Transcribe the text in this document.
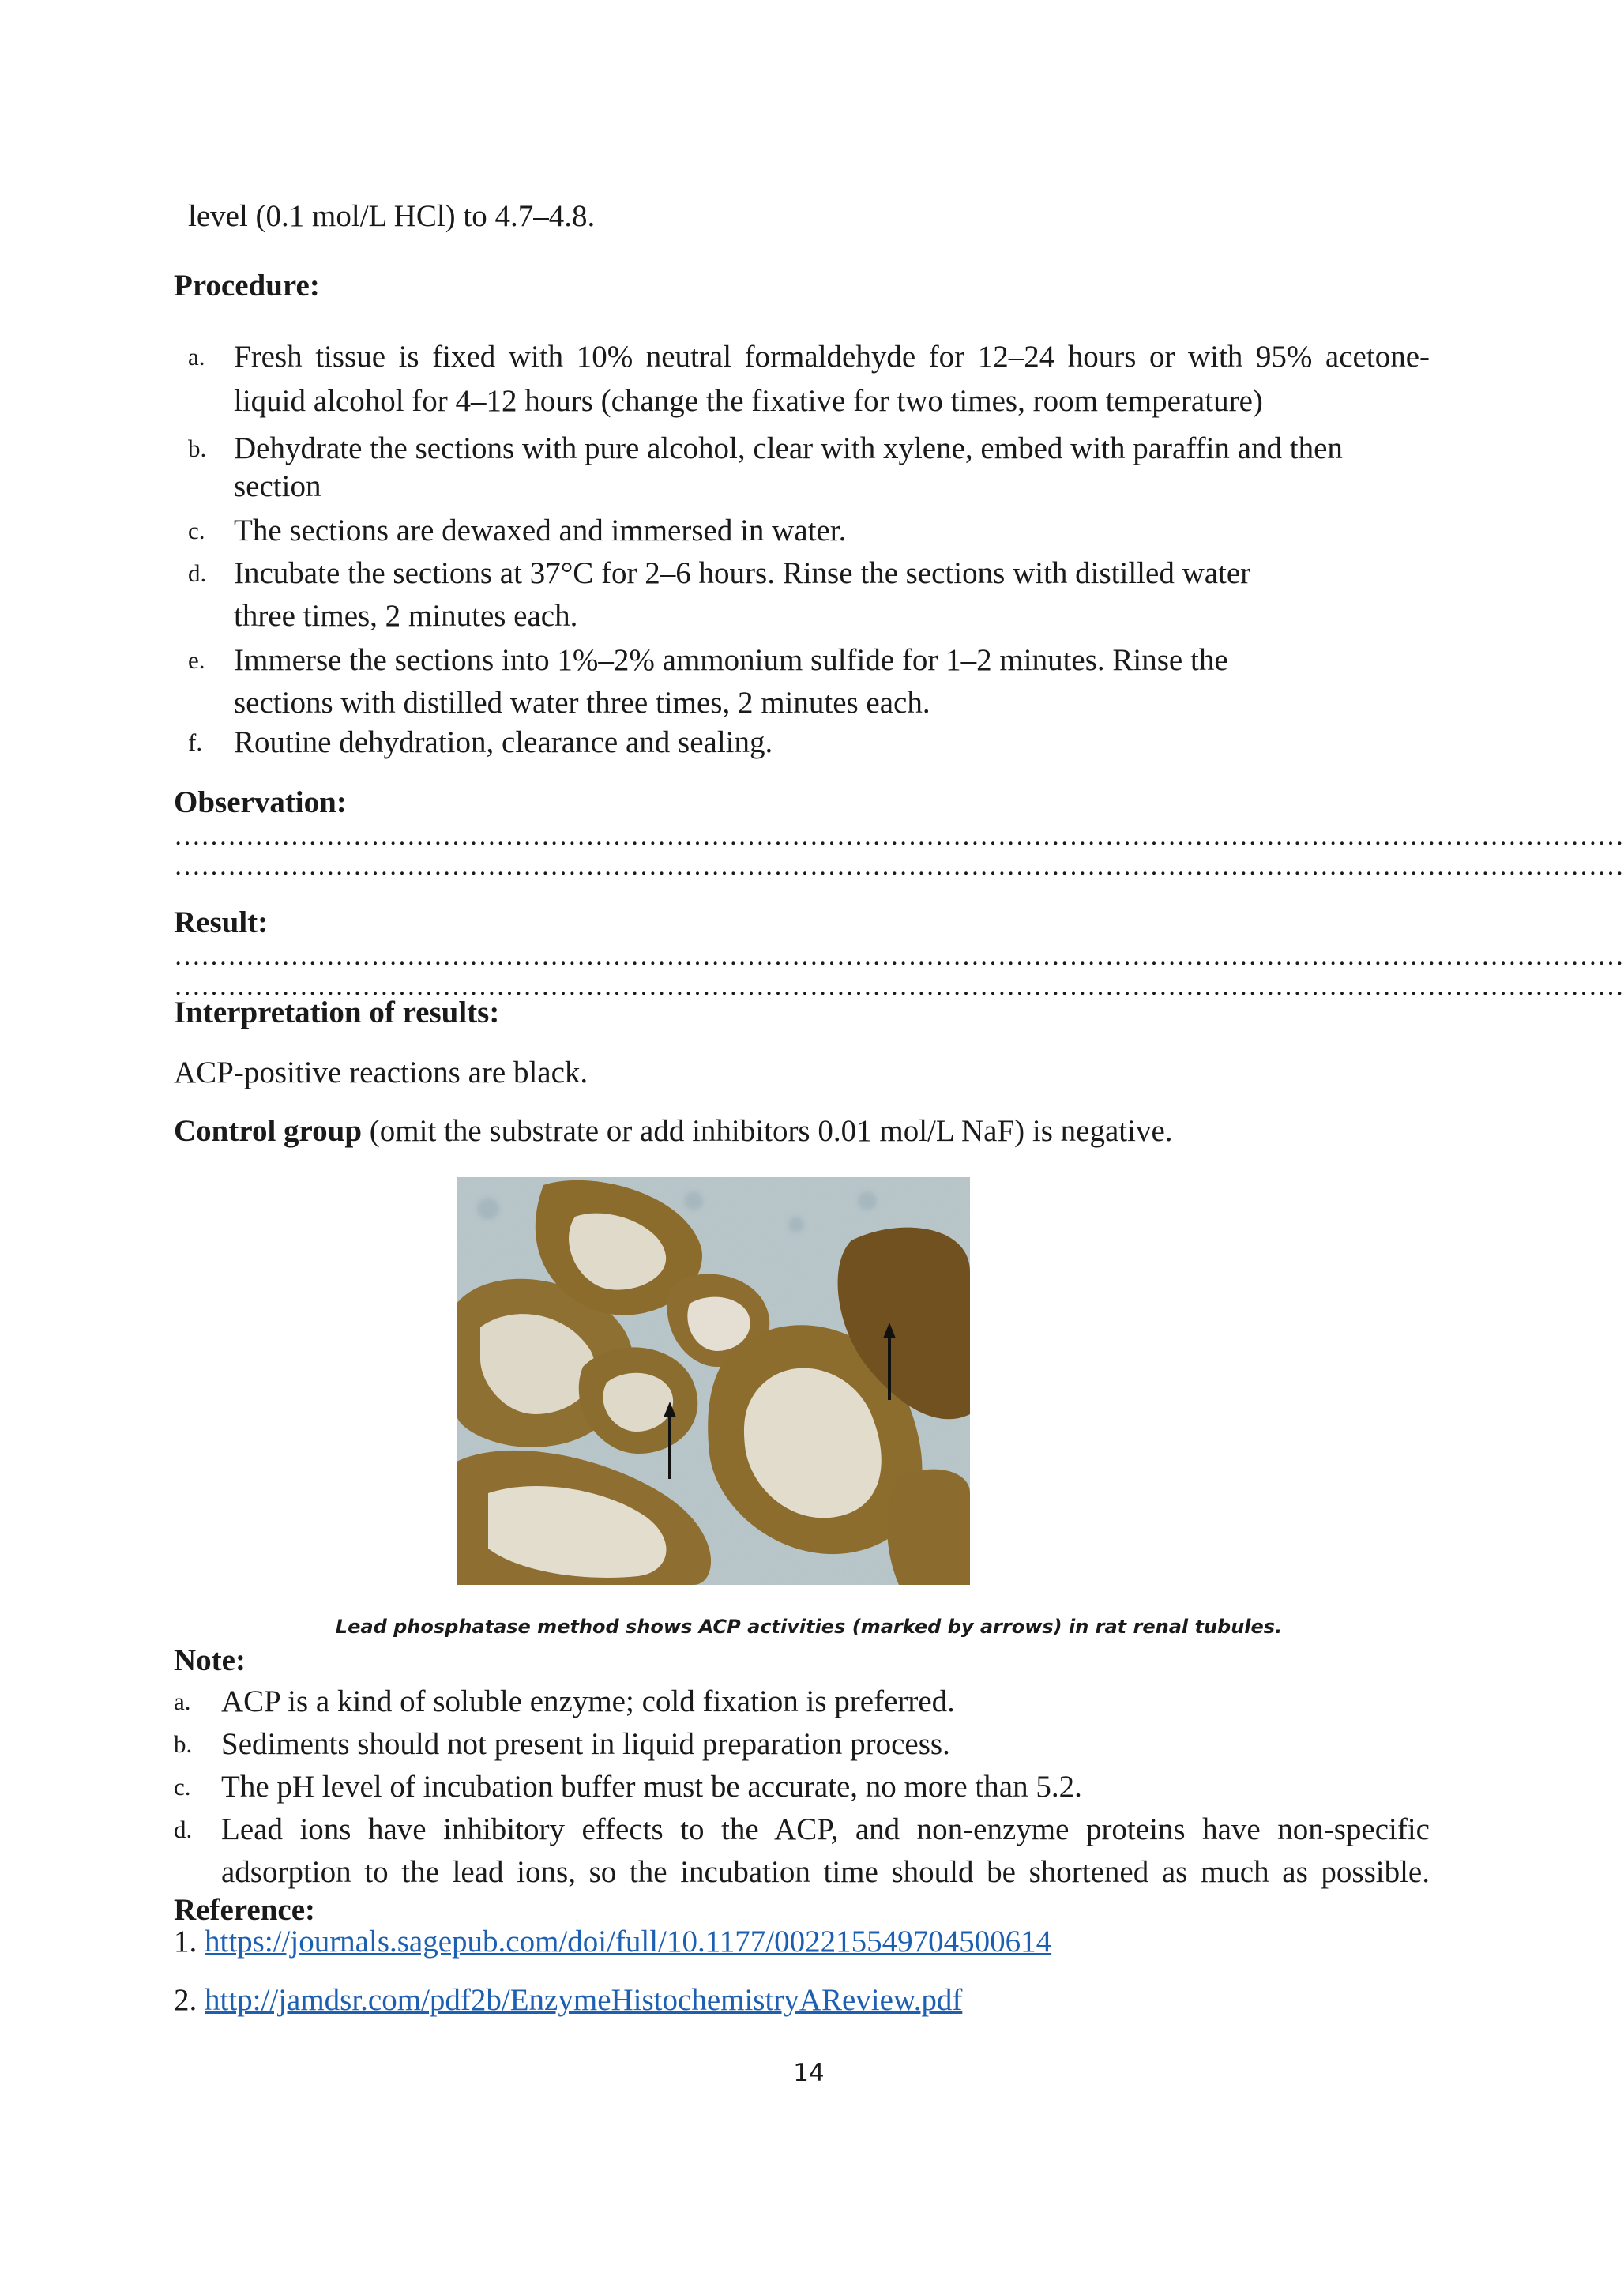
level (0.1 mol/L HCl) to 4.7–4.8.

Procedure:

a. Fresh tissue is fixed with 10% neutral formaldehyde for 12–24 hours or with 95% acetone-

liquid alcohol for 4–12 hours (change the fixative for two times, room temperature)

b. Dehydrate the sections with pure alcohol, clear with xylene, embed with paraffin and then

section

c. The sections are dewaxed and immersed in water.

d. Incubate the sections at 37°C for 2–6 hours. Rinse the sections with distilled water

three times, 2 minutes each.

e. Immerse the sections into 1%–2% ammonium sulfide for 1–2 minutes. Rinse the

sections with distilled water three times, 2 minutes each.

f. Routine dehydration, clearance and sealing.

Observation:

………………………………………………………………………………………………………………………………………………
………………………………………………………………………………………………………………………………………………

Result:

………………………………………………………………………………………………………………………………………………
………………………………………………………………………………………………………………………………………………

Interpretation of results:

ACP-positive reactions are black.

Control group (omit the substrate or add inhibitors 0.01 mol/L NaF) is negative.

Lead phosphatase method shows ACP activities (marked by arrows) in rat renal tubules.

Note:

a. ACP is a kind of soluble enzyme; cold fixation is preferred.

b. Sediments should not present in liquid preparation process.

c. The pH level of incubation buffer must be accurate, no more than 5.2.

d. Lead ions have inhibitory effects to the ACP, and non-enzyme proteins have non-specific

adsorption to the lead ions, so the incubation time should be shortened as much as possible.

Reference:

1. https://journals.sagepub.com/doi/full/10.1177/002215549704500614

2. http://jamdsr.com/pdf2b/EnzymeHistochemistryAReview.pdf

14
